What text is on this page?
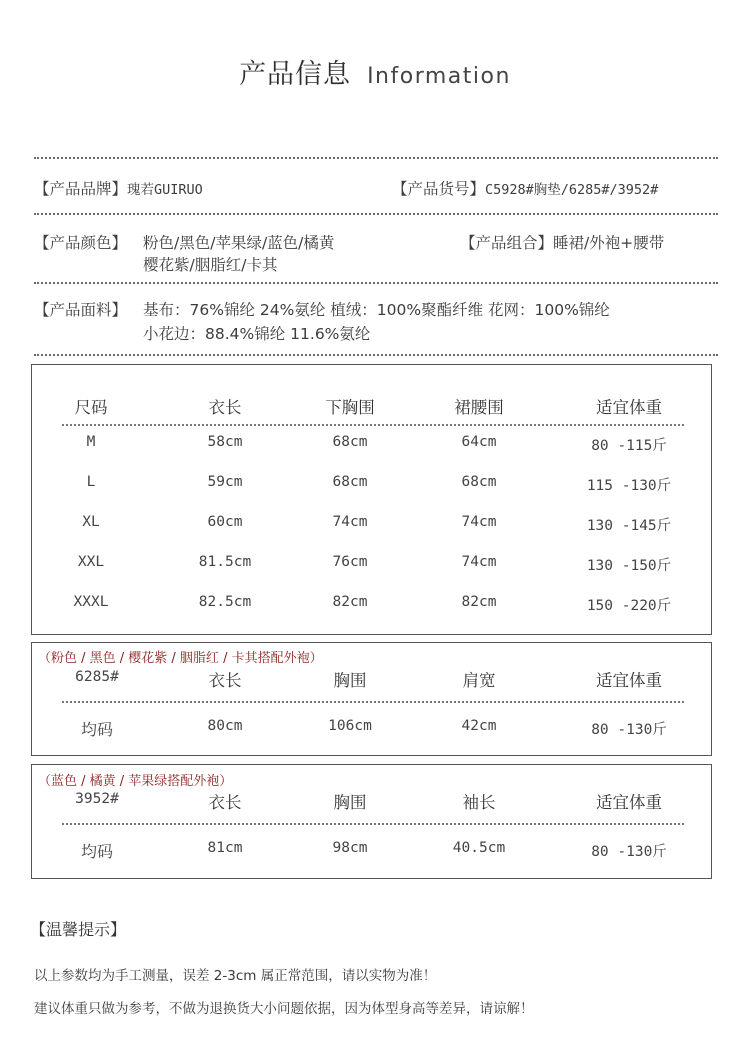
产品信息 Information
【产品品牌】瑰若GUIRUO	【产品货号】C5928#胸垫/6285#/3952#
【产品颜色】 粉色/黑色/苹果绿/蓝色/橘黄
樱花紫/胭脂红/卡其
【产品组合】睡裙/外袍+腰带
【产品面料】 基布：76%锦纶 24%氨纶 植绒：100%聚酯纤维 花网：100%锦纶
小花边：88.4%锦纶 11.6%氨纶
尺码	衣长	下胸围	裙腰围	适宜体重
M	58cm	68cm	64cm	80 -115斤
L	59cm	68cm	68cm	115 -130斤
XL	60cm	74cm	74cm	130 -145斤
XXL	81.5cm	76cm	74cm	130 -150斤
XXXL	82.5cm	82cm	82cm	150 -220斤
（粉色 / 黑色 / 樱花紫 / 胭脂红 / 卡其搭配外袍）
6285#	衣长	胸围	肩宽	适宜体重
均码	80cm	106cm	42cm	80 -130斤
（蓝色 / 橘黄 / 苹果绿搭配外袍）
3952#	衣长	胸围	袖长	适宜体重
均码	81cm	98cm	40.5cm	80 -130斤
【温馨提示】
以上参数均为手工测量，误差 2-3cm 属正常范围，请以实物为准！
建议体重只做为参考，不做为退换货大小问题依据，因为体型身高等差异，请谅解！
